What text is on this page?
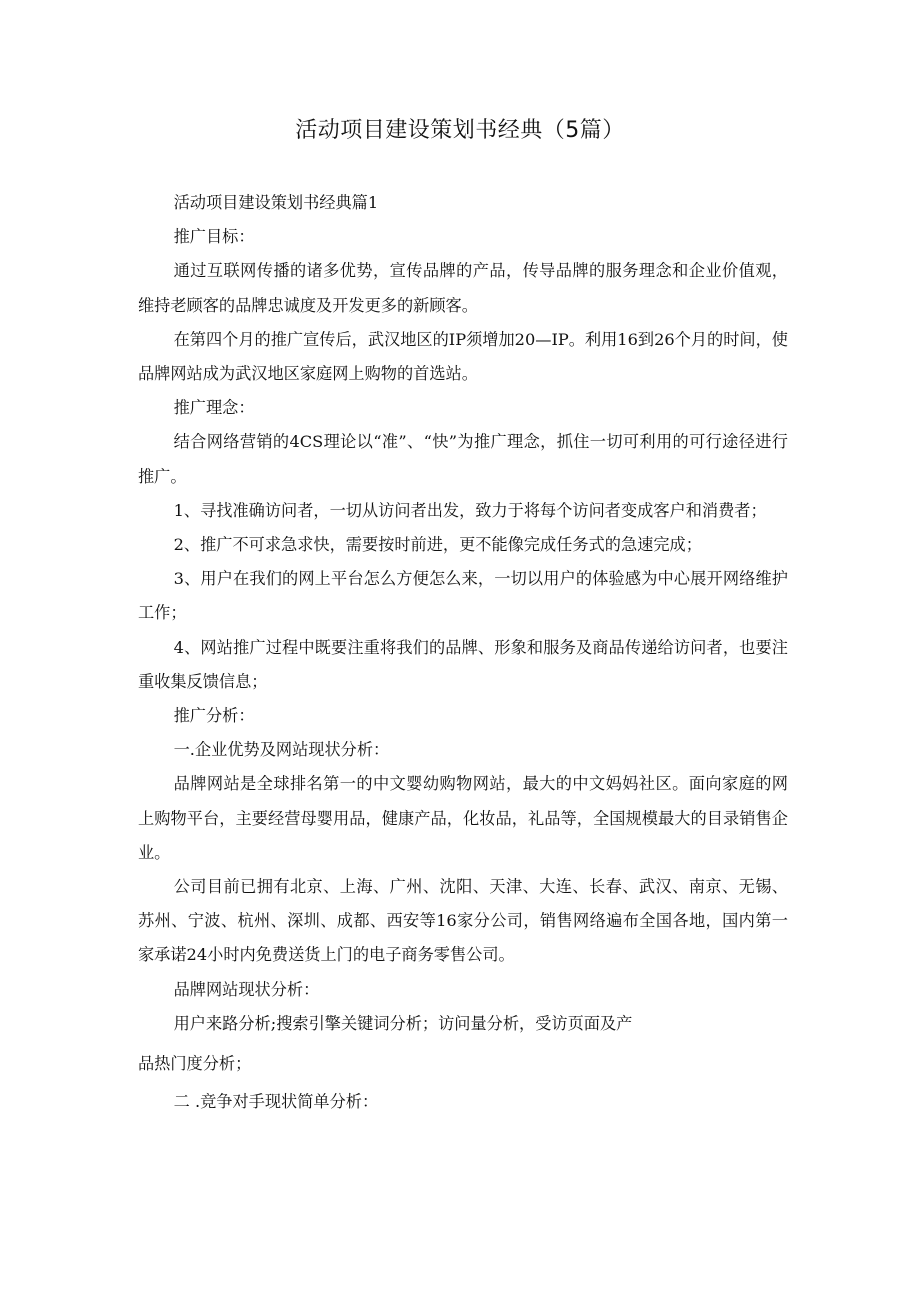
活动项目建设策划书经典（5篇）

活动项目建设策划书经典篇1

推广目标：

通过互联网传播的诸多优势，宣传品牌的产品，传导品牌的服务理念和企业价值观，维持老顾客的品牌忠诚度及开发更多的新顾客。

在第四个月的推广宣传后，武汉地区的IP须增加20—IP。利用16到26个月的时间，使品牌网站成为武汉地区家庭网上购物的首选站。

推广理念：

结合网络营销的4CS理论以“准”、“快”为推广理念，抓住一切可利用的可行途径进行推广。

1、寻找准确访问者，一切从访问者出发，致力于将每个访问者变成客户和消费者；

2、推广不可求急求快，需要按时前进，更不能像完成任务式的急速完成；

3、用户在我们的网上平台怎么方便怎么来，一切以用户的体验感为中心展开网络维护工作；

4、网站推广过程中既要注重将我们的品牌、形象和服务及商品传递给访问者，也要注重收集反馈信息；

推广分析：

一.企业优势及网站现状分析：

品牌网站是全球排名第一的中文婴幼购物网站，最大的中文妈妈社区。面向家庭的网上购物平台，主要经营母婴用品，健康产品，化妆品，礼品等，全国规模最大的目录销售企业。

公司目前已拥有北京、上海、广州、沈阳、天津、大连、长春、武汉、南京、无锡、苏州、宁波、杭州、深圳、成都、西安等16家分公司，销售网络遍布全国各地，国内第一家承诺24小时内免费送货上门的电子商务零售公司。

品牌网站现状分析：

用户来路分析;搜索引擎关键词分析；访问量分析，受访页面及产

品热门度分析；

二 .竞争对手现状简单分析：
